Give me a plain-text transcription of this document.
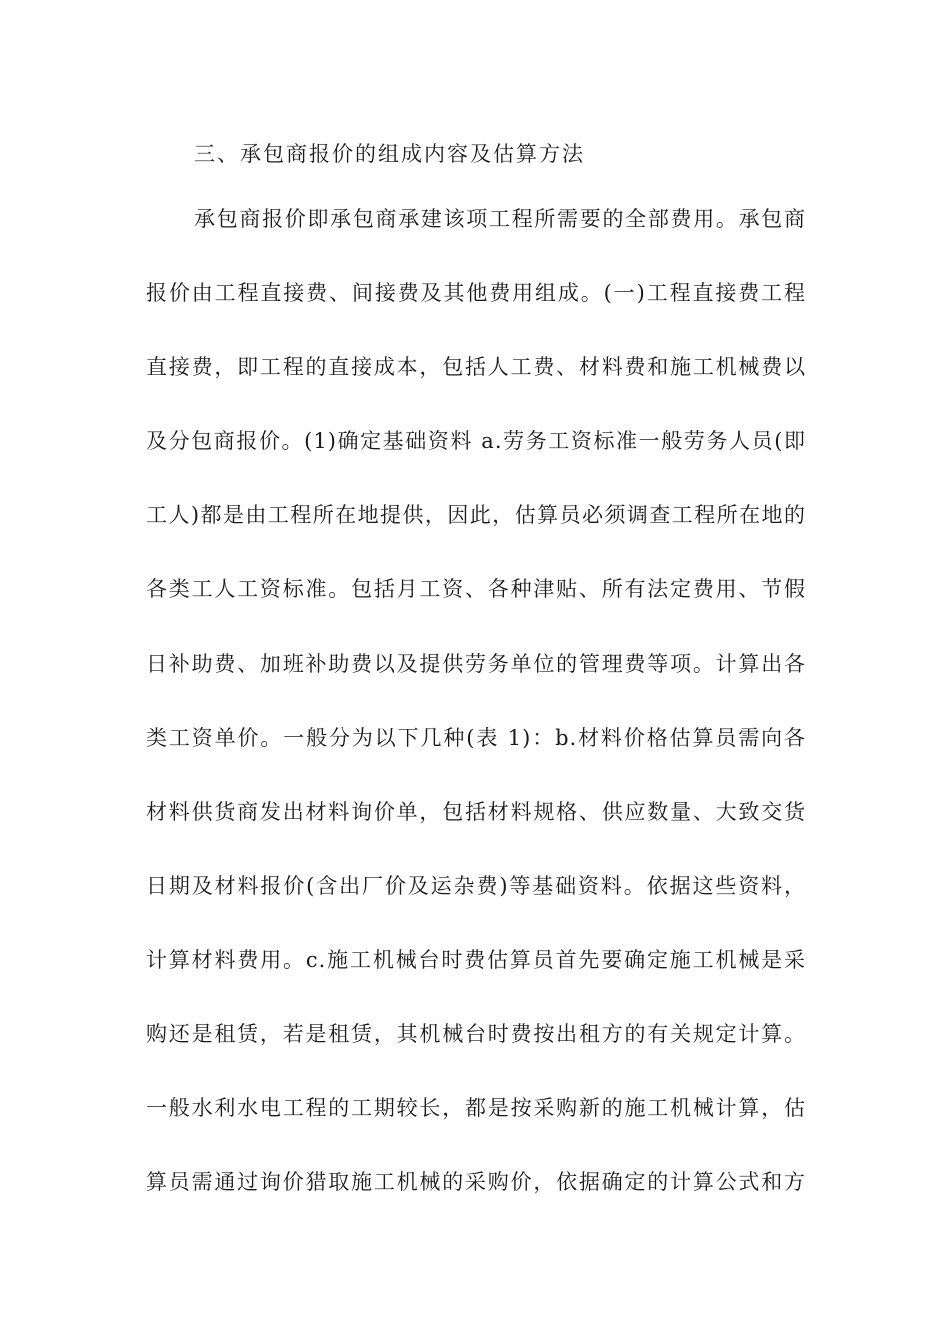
三、承包商报价的组成内容及估算方法
承包商报价即承包商承建该项工程所需要的全部费用。承包商
报价由工程直接费、间接费及其他费用组成。(一)工程直接费工程
直接费，即工程的直接成本，包括人工费、材料费和施工机械费以
及分包商报价。(1)确定基础资料 a.劳务工资标准一般劳务人员(即
工人)都是由工程所在地提供，因此，估算员必须调查工程所在地的
各类工人工资标准。包括月工资、各种津贴、所有法定费用、节假
日补助费、加班补助费以及提供劳务单位的管理费等项。计算出各
类工资单价。一般分为以下几种(表 1)：b.材料价格估算员需向各
材料供货商发出材料询价单，包括材料规格、供应数量、大致交货
日期及材料报价(含出厂价及运杂费)等基础资料。依据这些资料，
计算材料费用。c.施工机械台时费估算员首先要确定施工机械是采
购还是租赁，若是租赁，其机械台时费按出租方的有关规定计算。
一般水利水电工程的工期较长，都是按采购新的施工机械计算，估
算员需通过询价猎取施工机械的采购价，依据确定的计算公式和方
